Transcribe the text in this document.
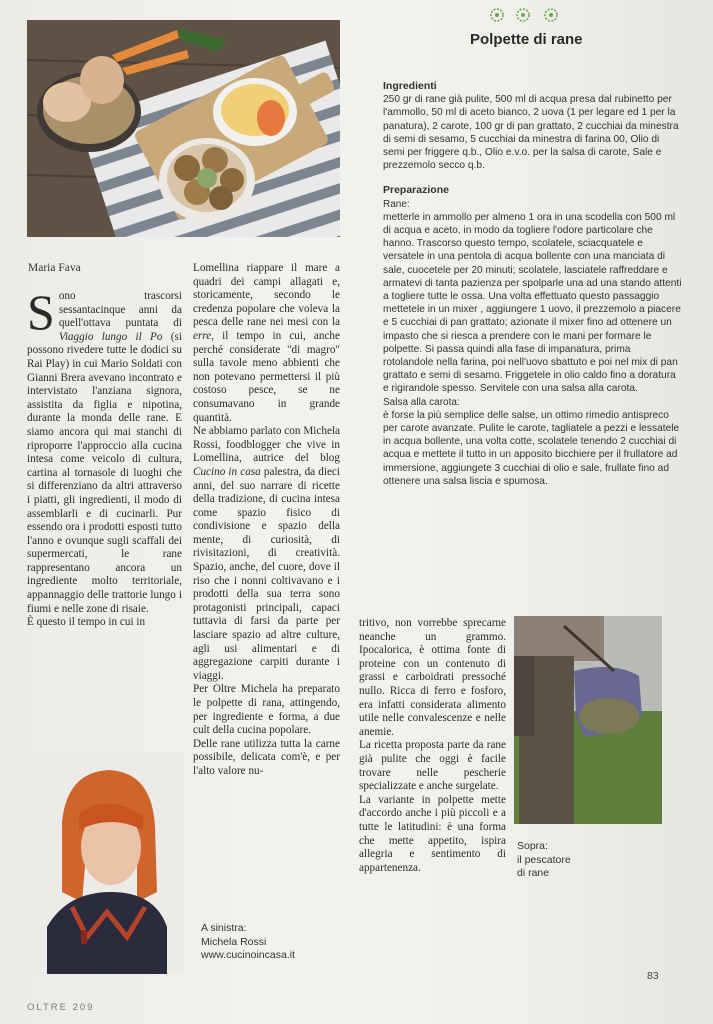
Polpette di rane

Ingredienti

250 gr di rane già pulite, 500 ml di acqua presa dal rubinetto per l'ammollo, 50 ml di aceto bianco, 2 uova (1 per legare ed 1 per la panatura), 2 carote, 100 gr di pan grattato, 2 cucchiai da minestra di semi di sesamo, 5 cucchiai da minestra di farina 00, Olio di semi per friggere q.b., Olio e.v.o. per la salsa di carote, Sale e prezzemolo secco q.b.

Preparazione

Rane:

metterle in ammollo per almeno 1 ora in una scodella con 500 ml di acqua e aceto, in modo da togliere l'odore particolare che hanno. Trascorso questo tempo, scolatele, sciacquatele e versatele in una pentola di acqua bollente con una manciata di sale, cuocetele per 20 minuti; scolatele, lasciatele raffreddare e armatevi di tanta pazienza per spolparle una ad una stando attenti a togliere tutte le ossa. Una volta effettuato questo passaggio mettetele in un mixer , aggiungere 1 uovo, il prezzemolo a piacere e 5 cucchiai di pan grattato; azionate il mixer fino ad ottenere un impasto che si riesca a prendere con le mani per formare le polpette. Si passa quindi alla fase di impanatura, prima rotolandole nella farina, poi nell'uovo sbattuto e poi nel mix di pan grattato e semi di sesamo. Friggetele in olio caldo fino a doratura e rigirandole spesso. Servitele con una salsa alla carota.

Salsa alla carota:

è forse la più semplice delle salse, un ottimo rimedio antispreco per carote avanzate. Pulite le carote, tagliatele a pezzi e lessatele in acqua bollente, una volta cotte, scolatele tenendo 2 cucchiai di acqua e mettete il tutto in un apposito bicchiere per il frullatore ad immersione, aggiungete 3 cucchiai di olio e sale, frullate fino ad ottenere una salsa liscia e spumosa.

Maria Fava

Sono trascorsi sessantacinque anni da quell'ottava puntata di Viaggio lungo il Po (si possono rivedere tutte le dodici su Rai Play) in cui Mario Soldati con Gianni Brera avevano incontrato e intervistato l'anziana signora, assistita da figlia e nipotina, durante la monda delle rane. E siamo ancora qui mai stanchi di riproporre l'approccio alla cucina intesa come veicolo di cultura, cartina al tornasole di luoghi che si differenziano da altri attraverso i piatti, gli ingredienti, il modo di assemblarli e di cucinarli. Pur essendo ora i prodotti esposti tutto l'anno e ovunque sugli scaffali dei supermercati, le rane rappresentano ancora un ingrediente molto territoriale, appannaggio delle trattorie lungo i fiumi e nelle zone di risaie.

È questo il tempo in cui in

Lomellina riappare il mare a quadri dei campi allagati e, storicamente, secondo le credenza popolare che voleva la pesca delle rane nei mesi con la erre, il tempo in cui, anche perché considerate "di magro" sulla tavole meno abbienti che non potevano permettersi il più costoso pesce, se ne consumavano in grande quantità.

Ne abbiamo parlato con Michela Rossi, foodblogger che vive in Lomellina, autrice del blog Cucino in casa palestra, da dieci anni, del suo narrare di ricette della tradizione, di cucina intesa come spazio fisico di condivisione e spazio della mente, di curiosità, di rivisitazioni, di creatività. Spazio, anche, del cuore, dove il riso che i nonni coltivavano e i prodotti della sua terra sono protagonisti principali, capaci tuttavia di farsi da parte per lasciare spazio ad altre culture, agli usi alimentari e di aggregazione carpiti durante i viaggi.

Per Oltre Michela ha preparato le polpette di rana, attingendo, per ingrediente e forma, a due cult della cucina popolare.

Delle rane utilizza tutta la carne possibile, delicata com'è, e per l'alto valore nu-

tritivo, non vorrebbe sprecarne neanche un grammo. Ipocalorica, è ottima fonte di proteine con un contenuto di grassi e carboidrati pressoché nullo. Ricca di ferro e fosforo, era infatti considerata alimento utile nelle convalescenze e nelle anemie.

La ricetta proposta parte da rane già pulite che oggi è facile trovare nelle pescherie specializzate e anche surgelate.

La variante in polpette mette d'accordo anche i più piccoli e a tutte le latitudini: è una forma che mette appetito, ispira allegria e sentimento di appartenenza.

A sinistra:

Michela Rossi

www.cucinoincasa.it

Sopra:

il pescatore

di rane

83
OLTRE 209
